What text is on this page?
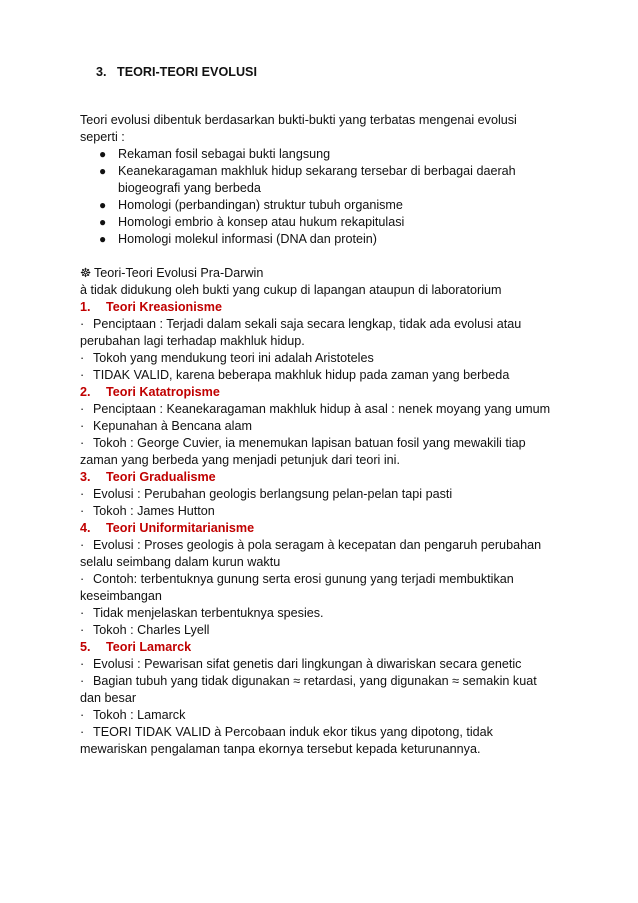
3. TEORI-TEORI EVOLUSI
Teori evolusi dibentuk berdasarkan bukti-bukti yang terbatas mengenai evolusi
seperti :
● Rekaman fosil sebagai bukti langsung
● Keanekaragaman makhluk hidup sekarang tersebar di berbagai daerah
biogeografi yang berbeda
● Homologi (perbandingan) struktur tubuh organisme
● Homologi embrio à konsep atau hukum rekapitulasi
● Homologi molekul informasi (DNA dan protein)
☸ Teori-Teori Evolusi Pra-Darwin
à tidak didukung oleh bukti yang cukup di lapangan ataupun di laboratorium
1. Teori Kreasionisme
· Penciptaan : Terjadi dalam sekali saja secara lengkap, tidak ada evolusi atau
perubahan lagi terhadap makhluk hidup.
· Tokoh yang mendukung teori ini adalah Aristoteles
· TIDAK VALID, karena beberapa makhluk hidup pada zaman yang berbeda
2. Teori Katatropisme
· Penciptaan : Keanekaragaman makhluk hidup à asal : nenek moyang yang umum
· Kepunahan à Bencana alam
· Tokoh : George Cuvier, ia menemukan lapisan batuan fosil yang mewakili tiap
zaman yang berbeda yang menjadi petunjuk dari teori ini.
3. Teori Gradualisme
· Evolusi : Perubahan geologis berlangsung pelan-pelan tapi pasti
· Tokoh : James Hutton
4. Teori Uniformitarianisme
· Evolusi : Proses geologis à pola seragam à kecepatan dan pengaruh perubahan
selalu seimbang dalam kurun waktu
· Contoh: terbentuknya gunung serta erosi gunung yang terjadi membuktikan
keseimbangan
· Tidak menjelaskan terbentuknya spesies.
· Tokoh : Charles Lyell
5. Teori Lamarck
· Evolusi : Pewarisan sifat genetis dari lingkungan à diwariskan secara genetic
· Bagian tubuh yang tidak digunakan ≈ retardasi, yang digunakan ≈ semakin kuat
dan besar
· Tokoh : Lamarck
· TEORI TIDAK VALID à Percobaan induk ekor tikus yang dipotong, tidak
mewariskan pengalaman tanpa ekornya tersebut kepada keturunannya.
